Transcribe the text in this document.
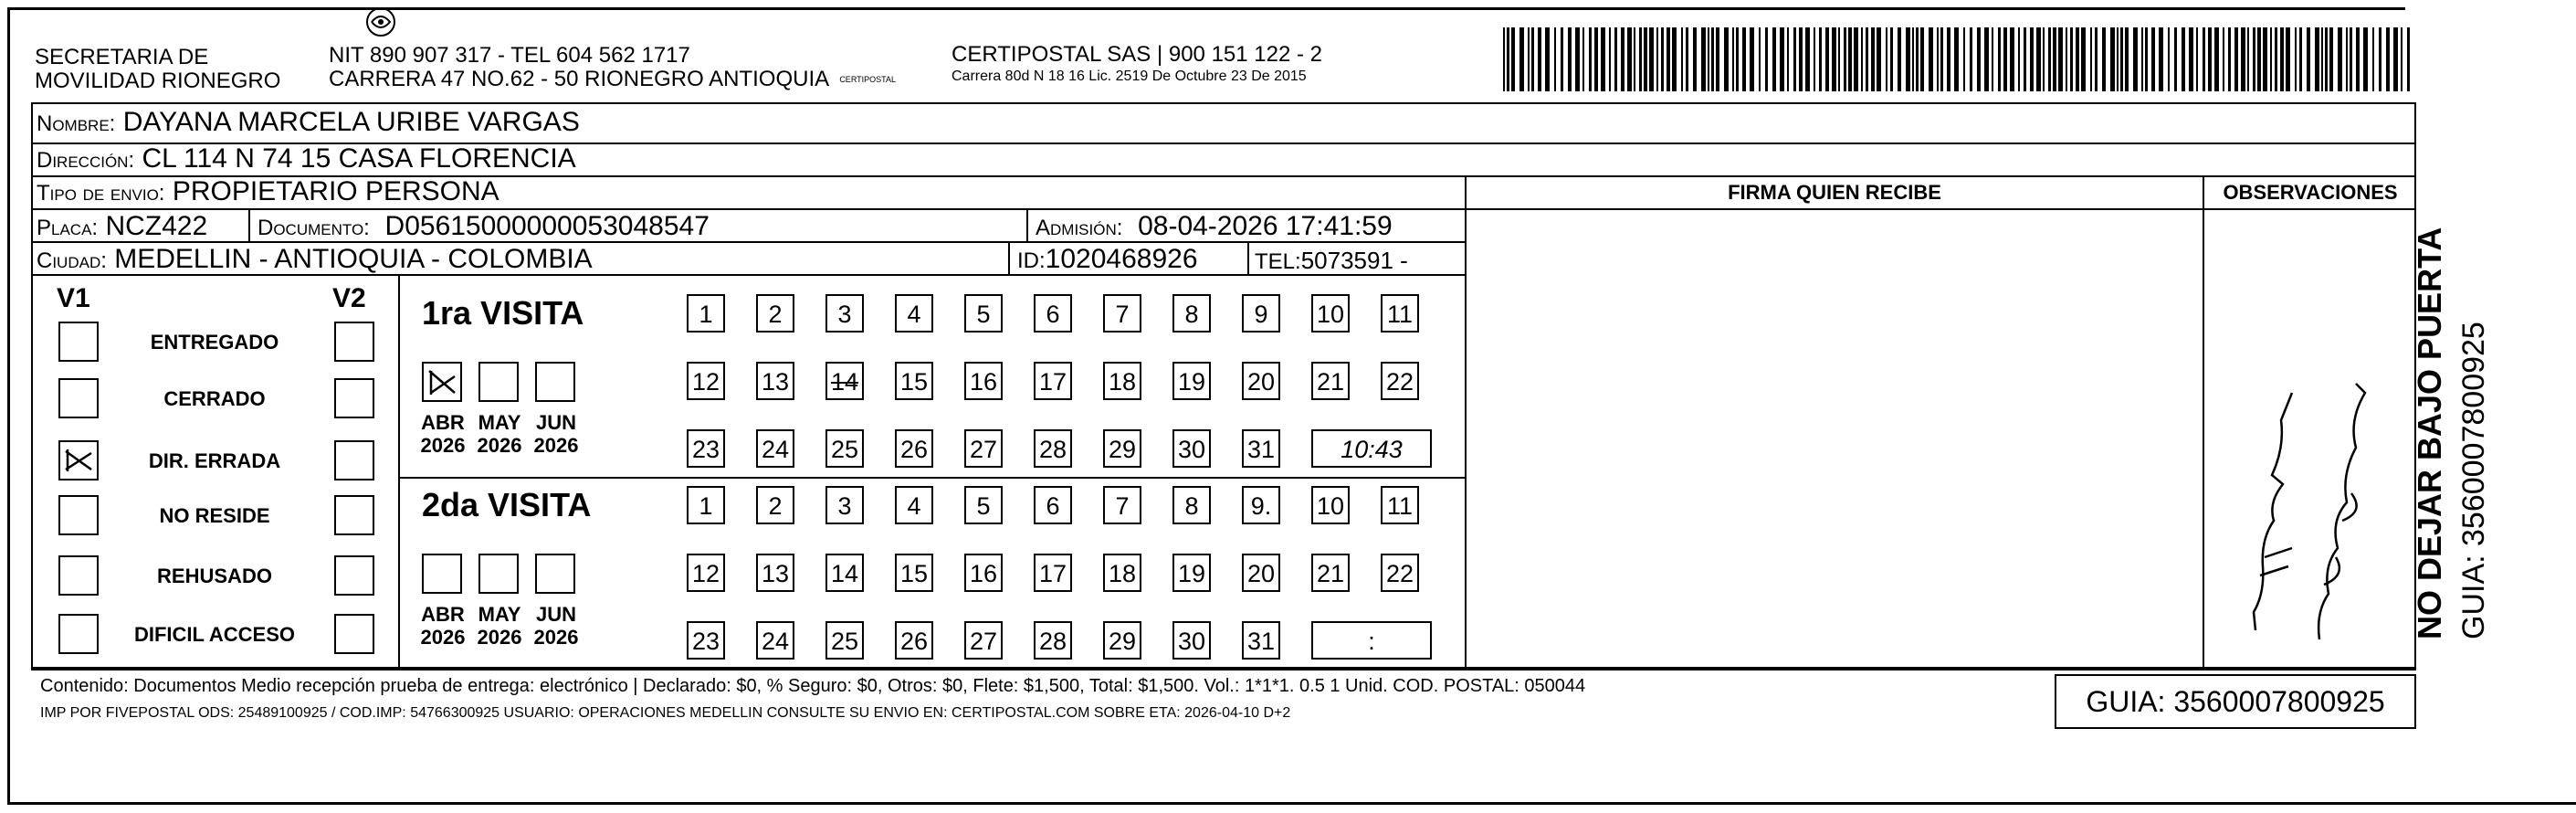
SECRETARIA DE
MOVILIDAD RIONEGRO
NIT 890 907 317 - TEL 604 562 1717
CARRERA 47 NO.62 - 50 RIONEGRO ANTIOQUIA	CERTIPOSTAL
CERTIPOSTAL SAS | 900 151 122 - 2
Carrera 80d N 18 16 Lic. 2519 De Octubre 23 De 2015
Nombre: DAYANA MARCELA URIBE VARGAS
Dirección: CL 114 N 74 15 CASA FLORENCIA
Tipo de envio: PROPIETARIO PERSONA
Placa: NCZ422 Documento: D05615000000053048547	Admisión: 08-04-2026 17:41:59
Ciudad: MEDELLIN - ANTIOQUIA - COLOMBIA	ID:1020468926	TEL:5073591 -
FIRMA QUIEN RECIBE	OBSERVACIONES
V1	V2
ENTREGADO
CERRADO
DIR. ERRADA
NO RESIDE
REHUSADO
DIFICIL ACCESO
1ra VISITA
2da VISITA
ABR
2026
MAY
2026
JUN
2026
1	2	3	4	5	6	7	8	9	10 11
12 13 14 15 16 17 18 19 20 21 22
23 24 25 26 27 28 29 30 31	10:43
ABR
2026
MAY
2026
JUN
2026
1	2	3	4	5	6	7	8	9.	10 11
12 13 14 15 16 17 18 19 20 21 22
23 24 25 26 27 28 29 30 31	:
Contenido: Documentos Medio recepción prueba de entrega: electrónico | Declarado: $0, % Seguro: $0, Otros: $0, Flete: $1,500, Total: $1,500. Vol.: 1*1*1. 0.5 1 Unid. COD. POSTAL: 050044
IMP POR FIVEPOSTAL ODS: 25489100925 / COD.IMP: 54766300925 USUARIO: OPERACIONES MEDELLIN CONSULTE SU ENVIO EN: CERTIPOSTAL.COM SOBRE ETA: 2026-04-10 D+2	GUIA: 3560007800925
NO DEJAR BAJO PUERTA GUIA: 3560007800925
